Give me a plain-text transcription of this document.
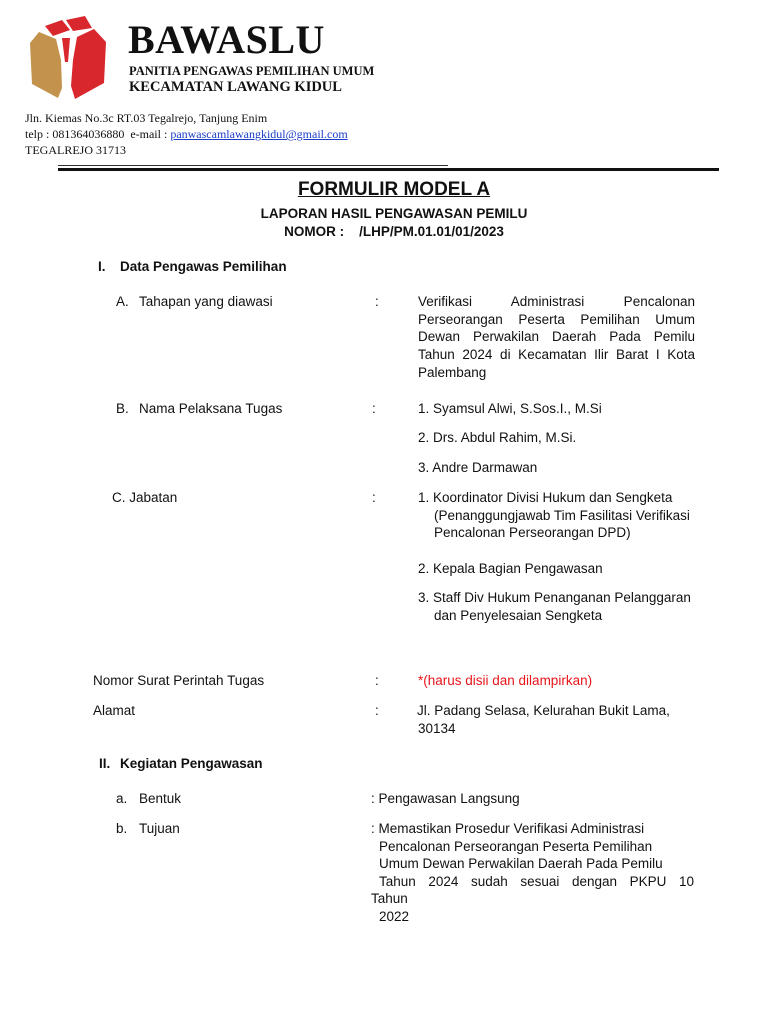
BAWASLU
PANITIA PENGAWAS PEMILIHAN UMUM
KECAMATAN LAWANG KIDUL
Jln. Kiemas No.3c RT.03 Tegalrejo, Tanjung Enim
telp : 081364036880  e-mail : panwascamlawangkidul@gmail.com
TEGALREJO 31713
FORMULIR MODEL A
LAPORAN HASIL PENGAWASAN PEMILU
NOMOR :    /LHP/PM.01.01/01/2023
I. Data Pengawas Pemilihan
A. Tahapan yang diawasi	:	Verifikasi Administrasi Pencalonan Perseorangan Peserta Pemilihan Umum Dewan Perwakilan Daerah Pada Pemilu Tahun 2024 di Kecamatan Ilir Barat I Kota Palembang
B. Nama Pelaksana Tugas	:	1. Syamsul Alwi, S.Sos.I., M.Si
2. Drs. Abdul Rahim, M.Si.
3. Andre Darmawan
C. Jabatan	:	1. Koordinator Divisi Hukum dan Sengketa (Penanggungjawab Tim Fasilitasi Verifikasi Pencalonan Perseorangan DPD)
2. Kepala Bagian Pengawasan
3. Staff Div Hukum Penanganan Pelanggaran dan Penyelesaian Sengketa
Nomor Surat Perintah Tugas	:	*(harus disii dan dilampirkan)
Alamat	:	Jl. Padang Selasa, Kelurahan Bukit Lama, 30134
II. Kegiatan Pengawasan
a. Bentuk	: Pengawasan Langsung
b. Tujuan	: Memastikan Prosedur Verifikasi Administrasi
Pencalonan Perseorangan Peserta Pemilihan
Umum Dewan Perwakilan Daerah Pada Pemilu
Tahun 2024 sudah sesuai dengan PKPU 10
Tahun
2022
